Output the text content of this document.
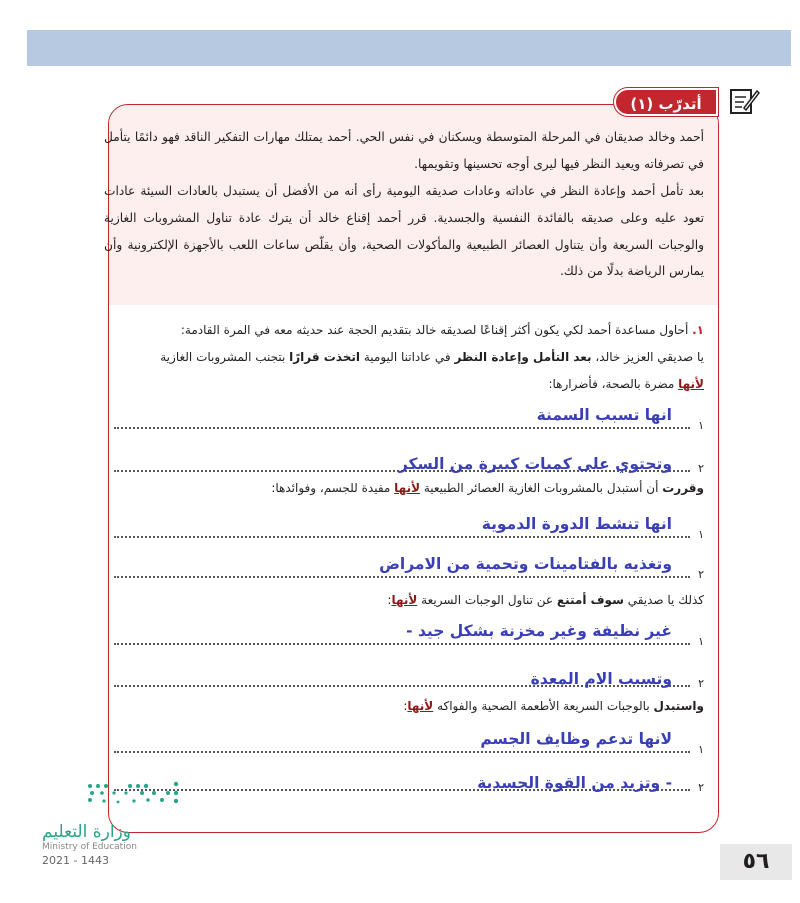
أتدرّب (١)
أحمد وخالد صديقان في المرحلة المتوسطة ويسكنان في نفس الحي. أحمد يمتلك مهارات التفكير الناقد فهو دائمًا يتأمل في تصرفاته ويعيد النظر فيها ليرى أوجه تحسينها وتقويمها.
بعد تأمل أحمد وإعادة النظر في عاداته وعادات صديقه اليومية رأى أنه من الأفضل أن يستبدل بالعادات السيئة عادات تعود عليه وعلى صديقه بالفائدة النفسية والجسدية. قرر أحمد إقناع خالد أن يترك عادة تناول المشروبات الغازية والوجبات السريعة وأن يتناول العصائر الطبيعية والمأكولات الصحية، وأن يقلّص ساعات اللعب بالأجهزة الإلكترونية وأن يمارس الرياضة بدلًا من ذلك.
١. أحاول مساعدة أحمد لكي يكون أكثر إقناعًا لصديقه خالد بتقديم الحجة عند حديثه معه في المرة القادمة:
يا صديقي العزيز خالد، بعد التأمل وإعادة النظر في عاداتنا اليومية اتخذت قرارًا بتجنب المشروبات الغازية
لأنها مضرة بالصحة، فأضرارها:
١
انها تسبب السمنة
٢
وتحتوي على كميات كبيرة من السكر
وقررت أن أستبدل بالمشروبات الغازية العصائر الطبيعية لأنها مفيدة للجسم، وفوائدها:
١
انها تنشط الدورة الدموية
٢
وتغذيه بالفتامينات وتحمية من الامراض
كذلك يا صديقي سوف أمتنع عن تناول الوجبات السريعة لأنها:
١
غير نظيفة وغير مخزنة بشكل جيد -
٢
وتسبب الام المعدة
واستبدل بالوجبات السريعة الأطعمة الصحية والفواكه لأنها:
١
لانها تدعم وظايف الجسم
٢
- وتزيد من القوة الجسدية
وزارة التعليم
Ministry of Education
2021 - 1443	٥٦
